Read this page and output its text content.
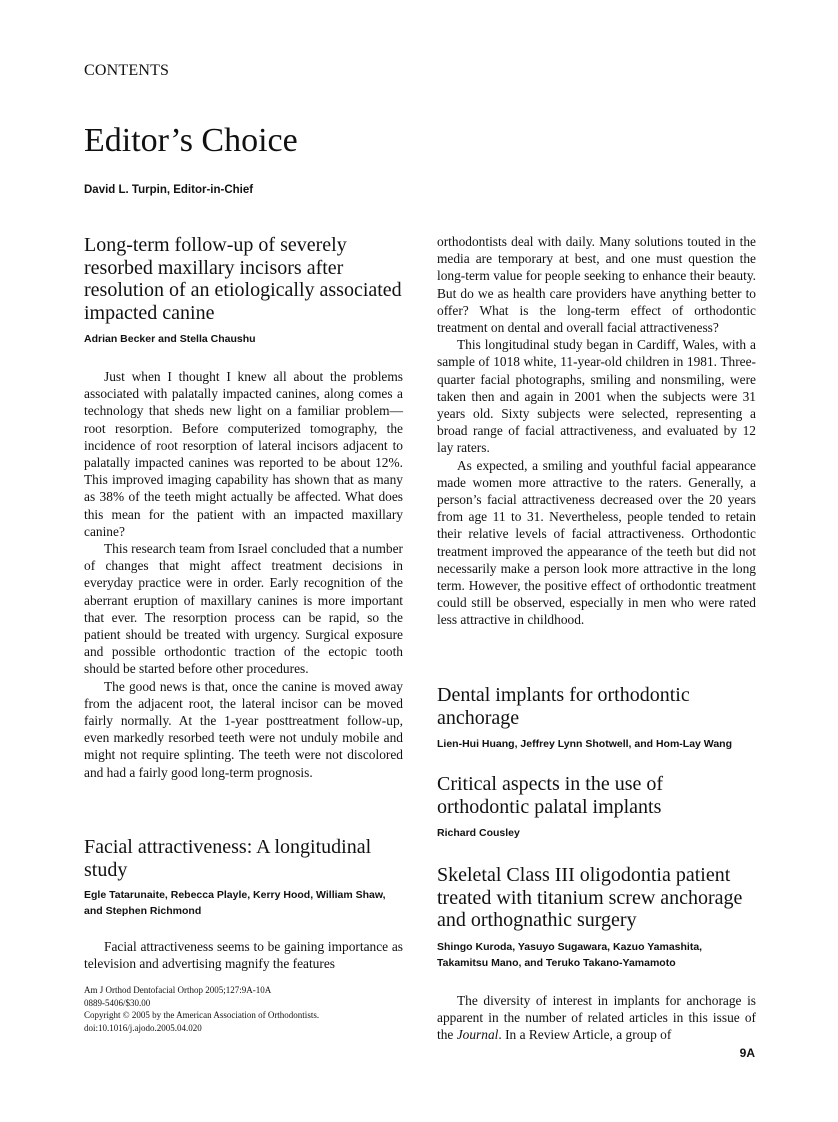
CONTENTS
Editor’s Choice
David L. Turpin, Editor-in-Chief
Long-term follow-up of severely resorbed maxillary incisors after resolution of an etiologically associated impacted canine
Adrian Becker and Stella Chaushu

Just when I thought I knew all about the problems associated with palatally impacted canines, along comes a technology that sheds new light on a familiar problem—root resorption. Before computerized tomography, the incidence of root resorption of lateral incisors adjacent to palatally impacted canines was reported to be about 12%. This improved imaging capability has shown that as many as 38% of the teeth might actually be affected. What does this mean for the patient with an impacted maxillary canine?

This research team from Israel concluded that a number of changes that might affect treatment decisions in everyday practice were in order. Early recognition of the aberrant eruption of maxillary canines is more important that ever. The resorption process can be rapid, so the patient should be treated with urgency. Surgical exposure and possible orthodontic traction of the ectopic tooth should be started before other procedures.

The good news is that, once the canine is moved away from the adjacent root, the lateral incisor can be moved fairly normally. At the 1-year posttreatment follow-up, even markedly resorbed teeth were not unduly mobile and might not require splinting. The teeth were not discolored and had a fairly good long-term prognosis.

Facial attractiveness: A longitudinal study
Egle Tatarunaite, Rebecca Playle, Kerry Hood, William Shaw, and Stephen Richmond

Facial attractiveness seems to be gaining importance as television and advertising magnify the features

Am J Orthod Dentofacial Orthop 2005;127:9A-10A
0889-5406/$30.00
Copyright © 2005 by the American Association of Orthodontists.
doi:10.1016/j.ajodo.2005.04.020

orthodontists deal with daily. Many solutions touted in the media are temporary at best, and one must question the long-term value for people seeking to enhance their beauty. But do we as health care providers have anything better to offer? What is the long-term effect of orthodontic treatment on dental and overall facial attractiveness?

This longitudinal study began in Cardiff, Wales, with a sample of 1018 white, 11-year-old children in 1981. Three-quarter facial photographs, smiling and nonsmiling, were taken then and again in 2001 when the subjects were 31 years old. Sixty subjects were selected, representing a broad range of facial attractiveness, and evaluated by 12 lay raters.

As expected, a smiling and youthful facial appearance made women more attractive to the raters. Generally, a person’s facial attractiveness decreased over the 20 years from age 11 to 31. Nevertheless, people tended to retain their relative levels of facial attractiveness. Orthodontic treatment improved the appearance of the teeth but did not necessarily make a person look more attractive in the long term. However, the positive effect of orthodontic treatment could still be observed, especially in men who were rated less attractive in childhood.

Dental implants for orthodontic anchorage
Lien-Hui Huang, Jeffrey Lynn Shotwell, and Hom-Lay Wang
Critical aspects in the use of orthodontic palatal implants
Richard Cousley
Skeletal Class III oligodontia patient treated with titanium screw anchorage and orthognathic surgery
Shingo Kuroda, Yasuyo Sugawara, Kazuo Yamashita, Takamitsu Mano, and Teruko Takano-Yamamoto

The diversity of interest in implants for anchorage is apparent in the number of related articles in this issue of the Journal. In a Review Article, a group of

9A
